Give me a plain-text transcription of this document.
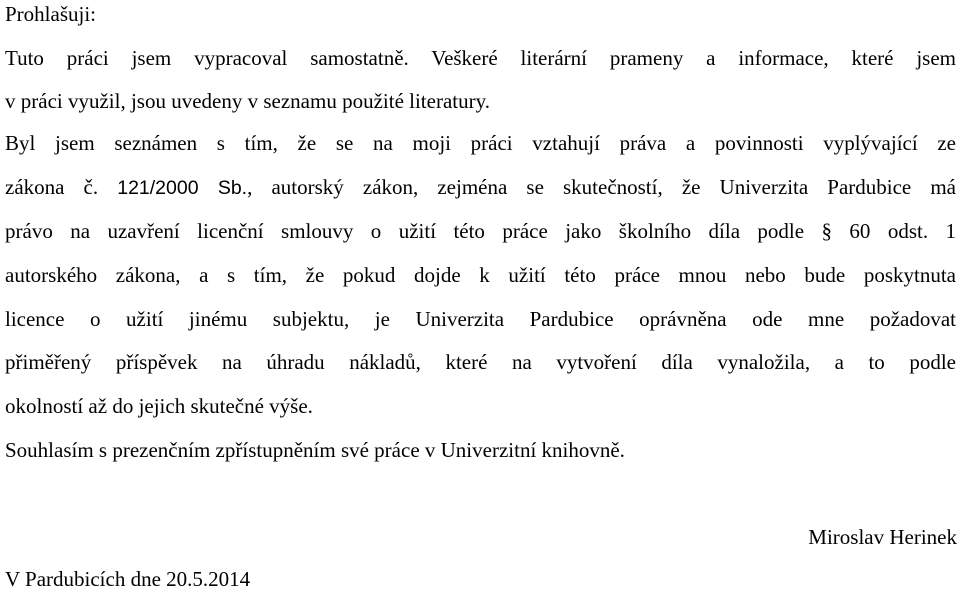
Prohlašuji:
Tuto práci jsem vypracoval samostatně. Veškeré literární prameny a informace, které jsem
v práci využil, jsou uvedeny v seznamu použité literatury.
Byl jsem seznámen s tím, že se na moji práci vztahují práva a povinnosti vyplývající ze
zákona č. 121/2000 Sb., autorský zákon, zejména se skutečností, že Univerzita Pardubice má
právo na uzavření licenční smlouvy o užití této práce jako školního díla podle § 60 odst. 1
autorského zákona, a s tím, že pokud dojde k užití této práce mnou nebo bude poskytnuta
licence o užití jinému subjektu, je Univerzita Pardubice oprávněna ode mne požadovat
přiměřený příspěvek na úhradu nákladů, které na vytvoření díla vynaložila, a to podle
okolností až do jejich skutečné výše.
Souhlasím s prezenčním zpřístupněním své práce v Univerzitní knihovně.
Miroslav Herinek
V Pardubicích dne 20.5.2014
